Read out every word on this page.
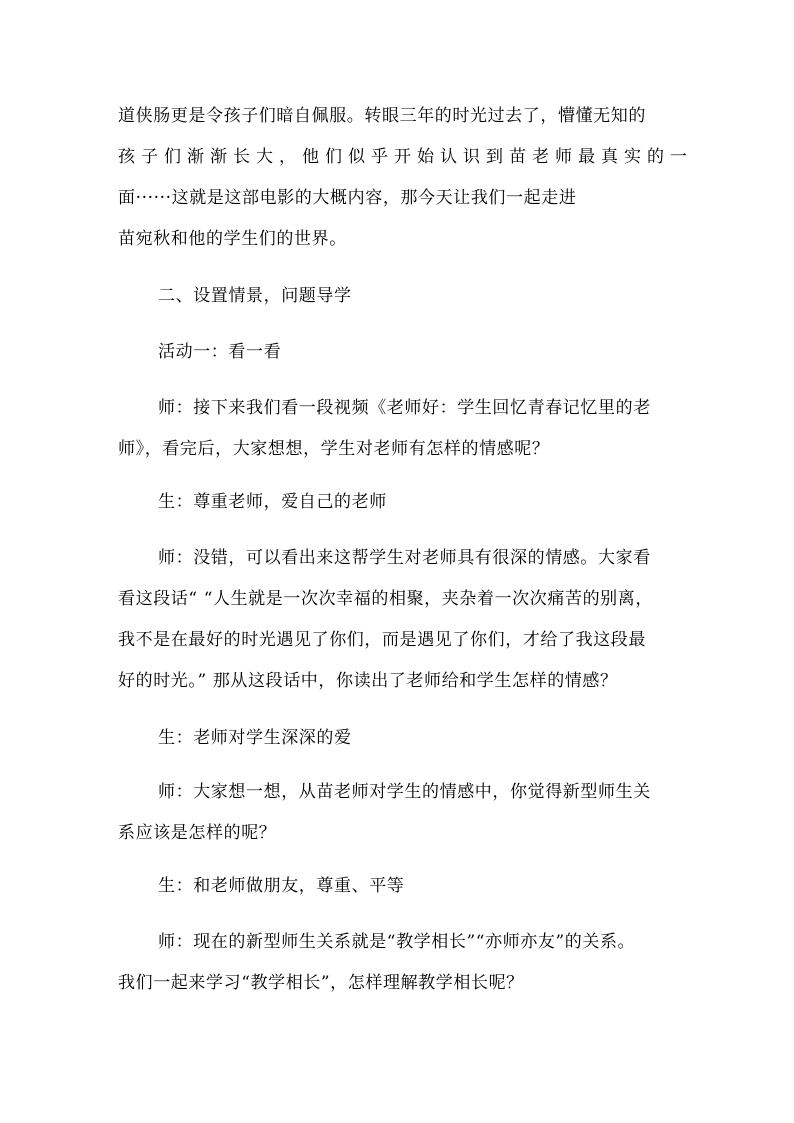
道侠肠更是令孩子们暗自佩服。转眼三年的时光过去了，懵懂无知的
孩子们渐渐长大，他们似乎开始认识到苗老师最真实的一
面······这就是这部电影的大概内容，那今天让我们一起走进
苗宛秋和他的学生们的世界。
二、设置情景，问题导学
活动一：看一看
师：接下来我们看一段视频《老师好：学生回忆青春记忆里的老
师》，看完后，大家想想，学生对老师有怎样的情感呢？
生：尊重老师，爱自己的老师
师：没错，可以看出来这帮学生对老师具有很深的情感。大家看
看这段话“ “人生就是一次次幸福的相聚，夹杂着一次次痛苦的别离，
我不是在最好的时光遇见了你们，而是遇见了你们，才给了我这段最
好的时光。” 那从这段话中，你读出了老师给和学生怎样的情感？
生：老师对学生深深的爱
师：大家想一想，从苗老师对学生的情感中，你觉得新型师生关
系应该是怎样的呢？
生：和老师做朋友，尊重、平等
师：现在的新型师生关系就是“教学相长”“亦师亦友”的关系。
我们一起来学习“教学相长”，怎样理解教学相长呢？
